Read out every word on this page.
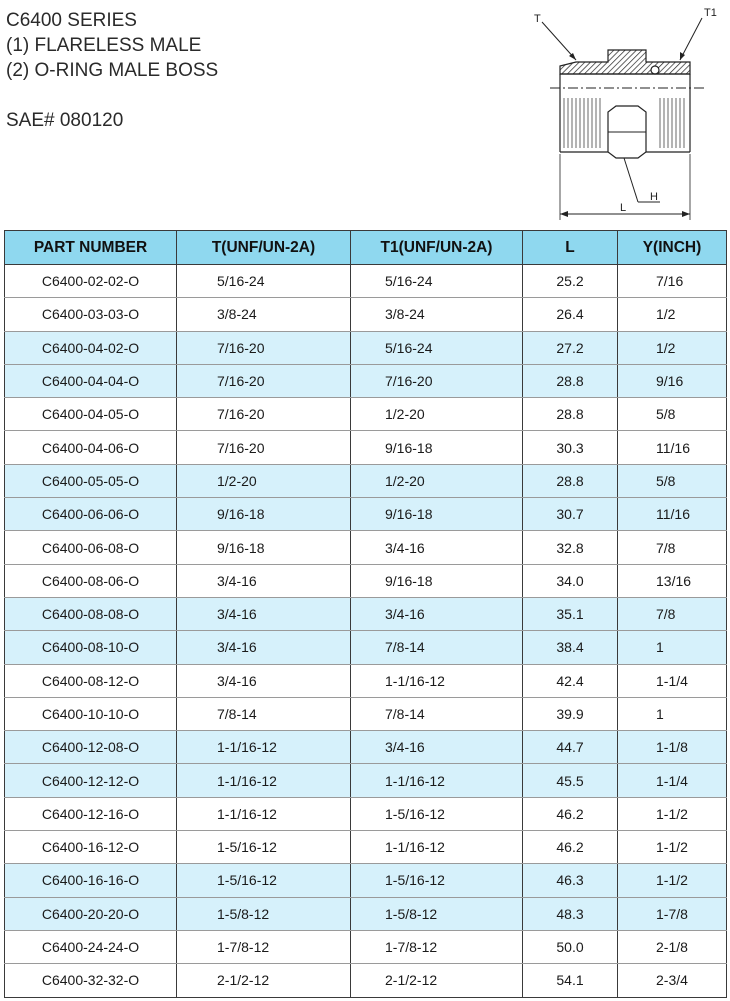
C6400 SERIES
(1) FLARELESS MALE
(2) O-RING MALE BOSS
SAE# 080120
T	T1
H
L
PART NUMBER	T(UNF/UN-2A)	T1(UNF/UN-2A)	L	Y(INCH)
C6400-02-02-O	5/16-24	5/16-24	25.2	7/16
C6400-03-03-O	3/8-24	3/8-24	26.4	1/2
C6400-04-02-O	7/16-20	5/16-24	27.2	1/2
C6400-04-04-O	7/16-20	7/16-20	28.8	9/16
C6400-04-05-O	7/16-20	1/2-20	28.8	5/8
C6400-04-06-O	7/16-20	9/16-18	30.3	11/16
C6400-05-05-O	1/2-20	1/2-20	28.8	5/8
C6400-06-06-O	9/16-18	9/16-18	30.7	11/16
C6400-06-08-O	9/16-18	3/4-16	32.8	7/8
C6400-08-06-O	3/4-16	9/16-18	34.0	13/16
C6400-08-08-O	3/4-16	3/4-16	35.1	7/8
C6400-08-10-O	3/4-16	7/8-14	38.4	1
C6400-08-12-O	3/4-16	1-1/16-12	42.4	1-1/4
C6400-10-10-O	7/8-14	7/8-14	39.9	1
C6400-12-08-O	1-1/16-12	3/4-16	44.7	1-1/8
C6400-12-12-O	1-1/16-12	1-1/16-12	45.5	1-1/4
C6400-12-16-O	1-1/16-12	1-5/16-12	46.2	1-1/2
C6400-16-12-O	1-5/16-12	1-1/16-12	46.2	1-1/2
C6400-16-16-O	1-5/16-12	1-5/16-12	46.3	1-1/2
C6400-20-20-O	1-5/8-12	1-5/8-12	48.3	1-7/8
C6400-24-24-O	1-7/8-12	1-7/8-12	50.0	2-1/8
C6400-32-32-O	2-1/2-12	2-1/2-12	54.1	2-3/4
